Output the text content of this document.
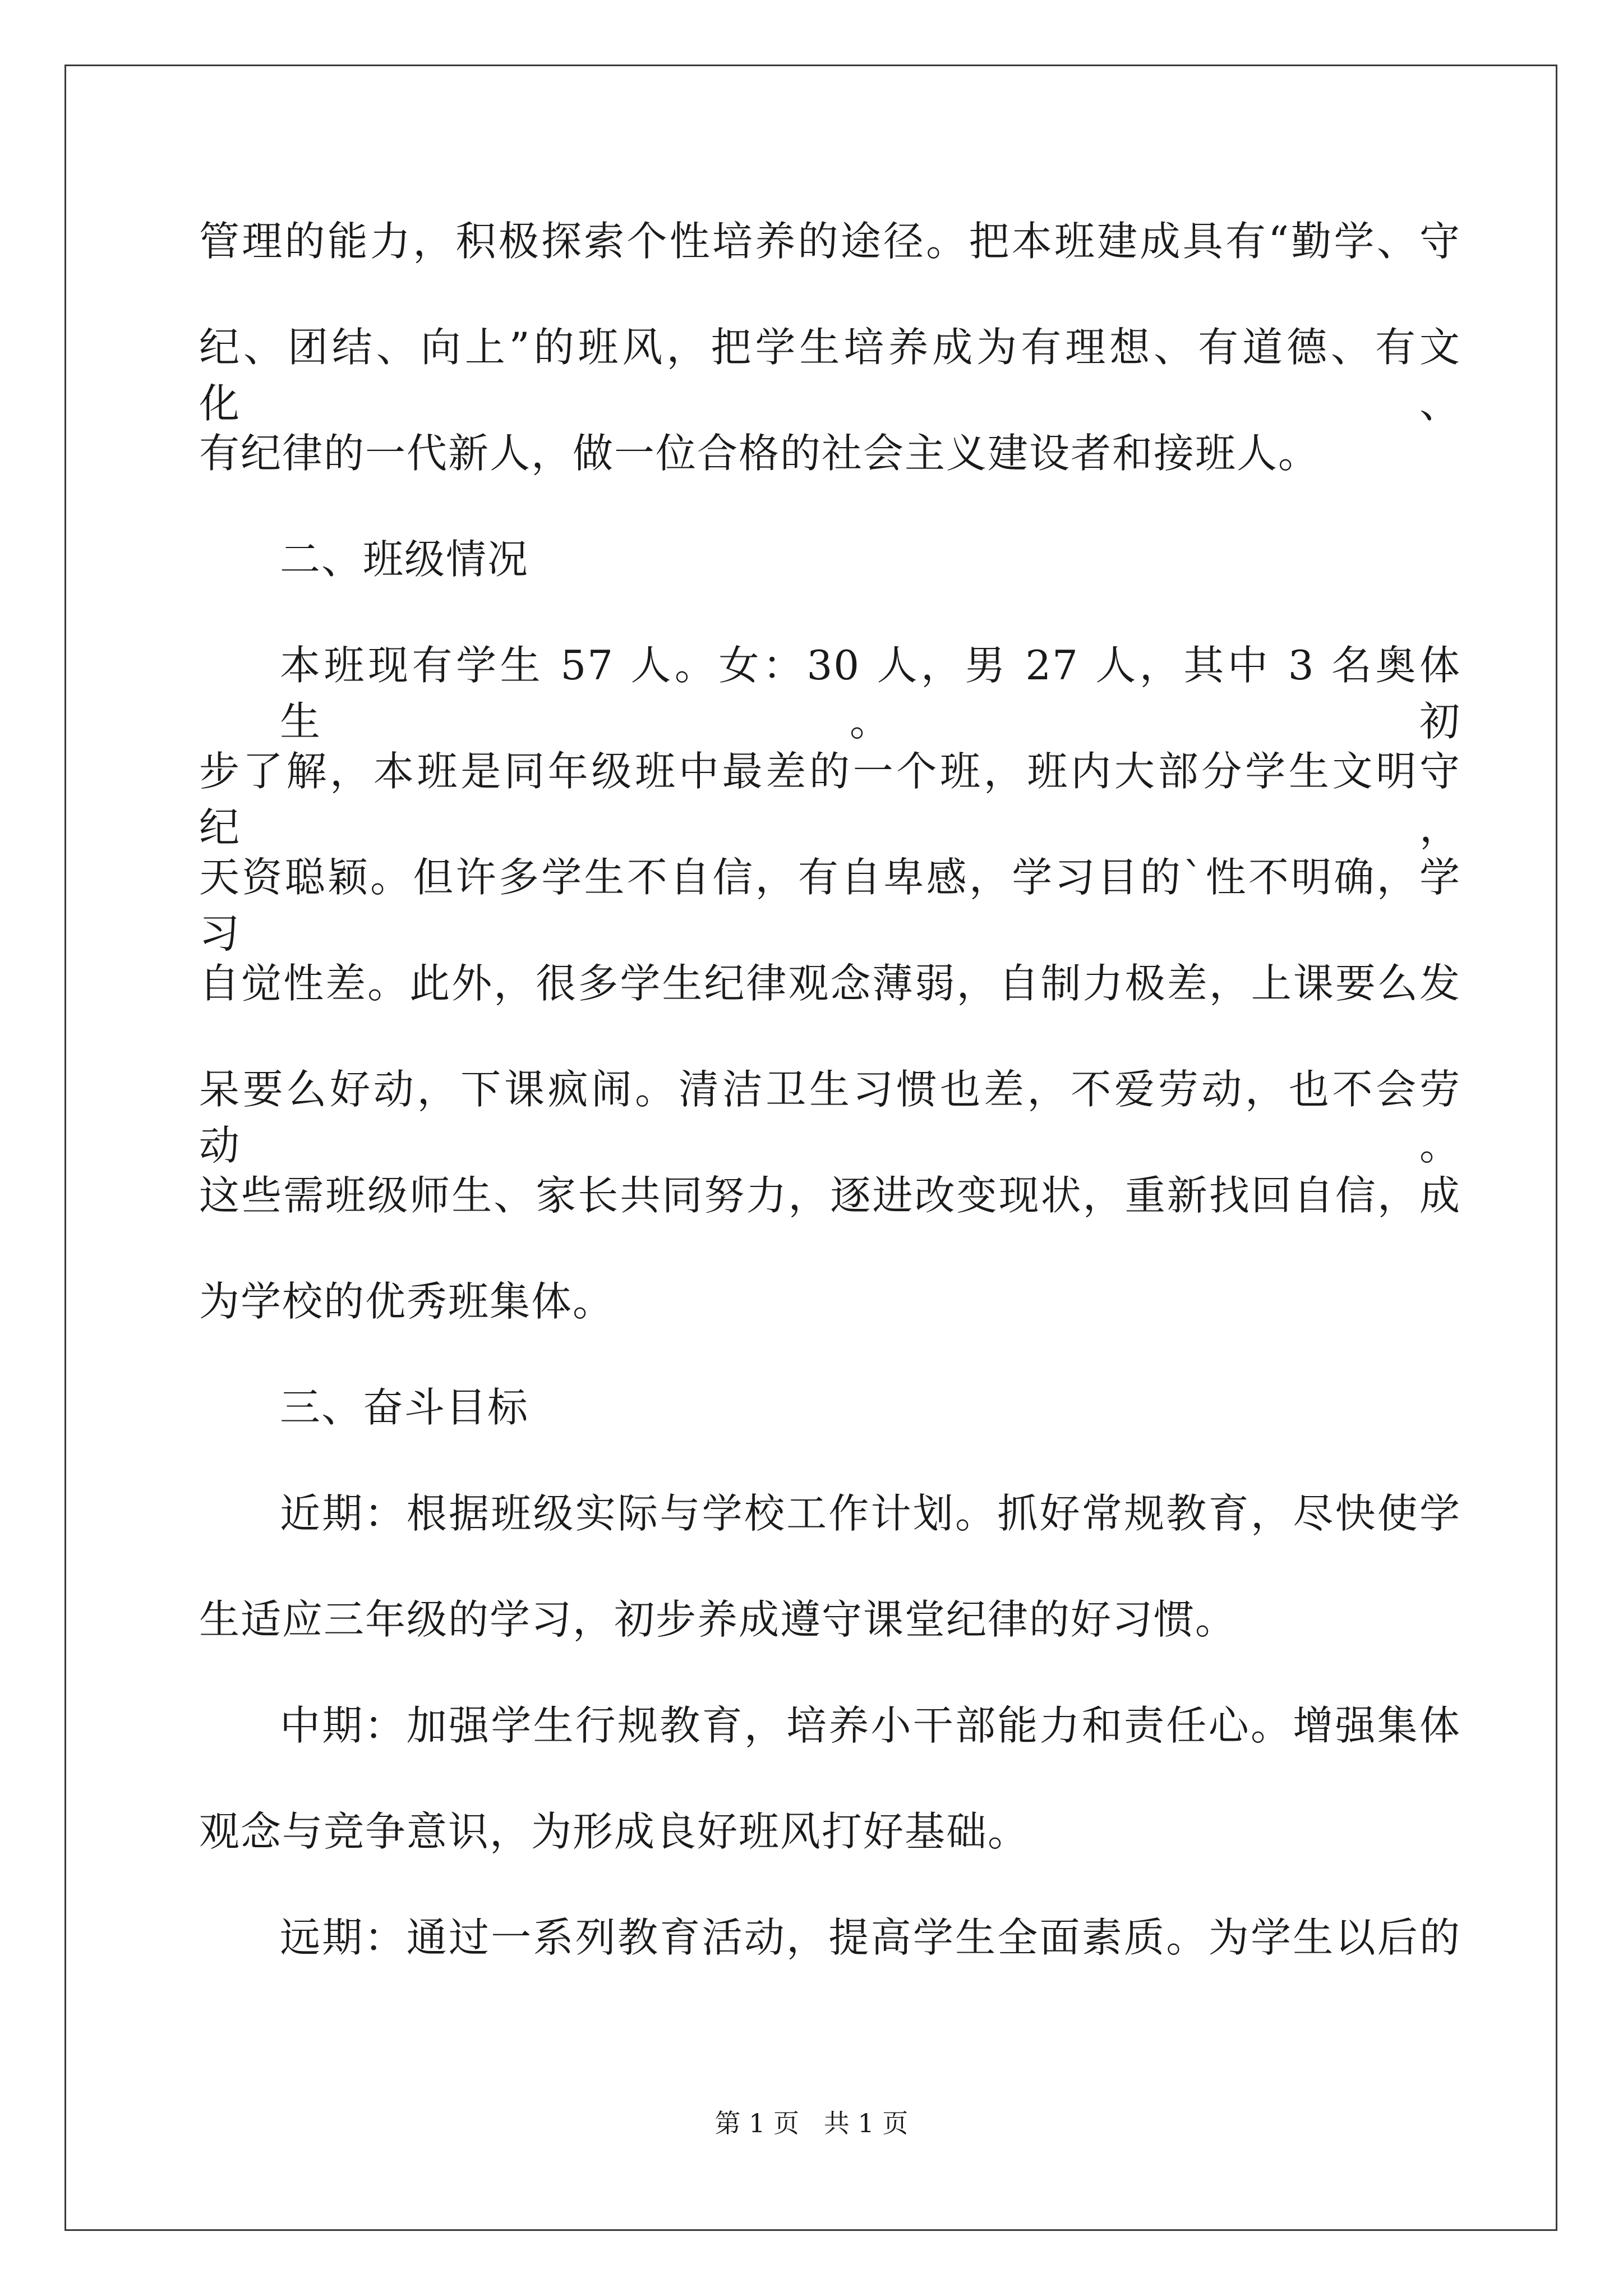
管理的能力，积极探索个性培养的途径。把本班建成具有“勤学、守
纪、团结、向上”的班风，把学生培养成为有理想、有道德、有文化、
有纪律的一代新人，做一位合格的社会主义建设者和接班人。
二、班级情况
本班现有学生 57 人。女：30 人，男 27 人，其中 3 名奥体生。初
步了解，本班是同年级班中最差的一个班，班内大部分学生文明守纪，
天资聪颖。但许多学生不自信，有自卑感，学习目的`性不明确，学习
自觉性差。此外，很多学生纪律观念薄弱，自制力极差，上课要么发
呆要么好动，下课疯闹。清洁卫生习惯也差，不爱劳动，也不会劳动。
这些需班级师生、家长共同努力，逐进改变现状，重新找回自信，成
为学校的优秀班集体。
三、奋斗目标
近期：根据班级实际与学校工作计划。抓好常规教育，尽快使学
生适应三年级的学习，初步养成遵守课堂纪律的好习惯。
中期：加强学生行规教育，培养小干部能力和责任心。增强集体
观念与竞争意识，为形成良好班风打好基础。
远期：通过一系列教育活动，提高学生全面素质。为学生以后的
第 1 页   共 1 页
